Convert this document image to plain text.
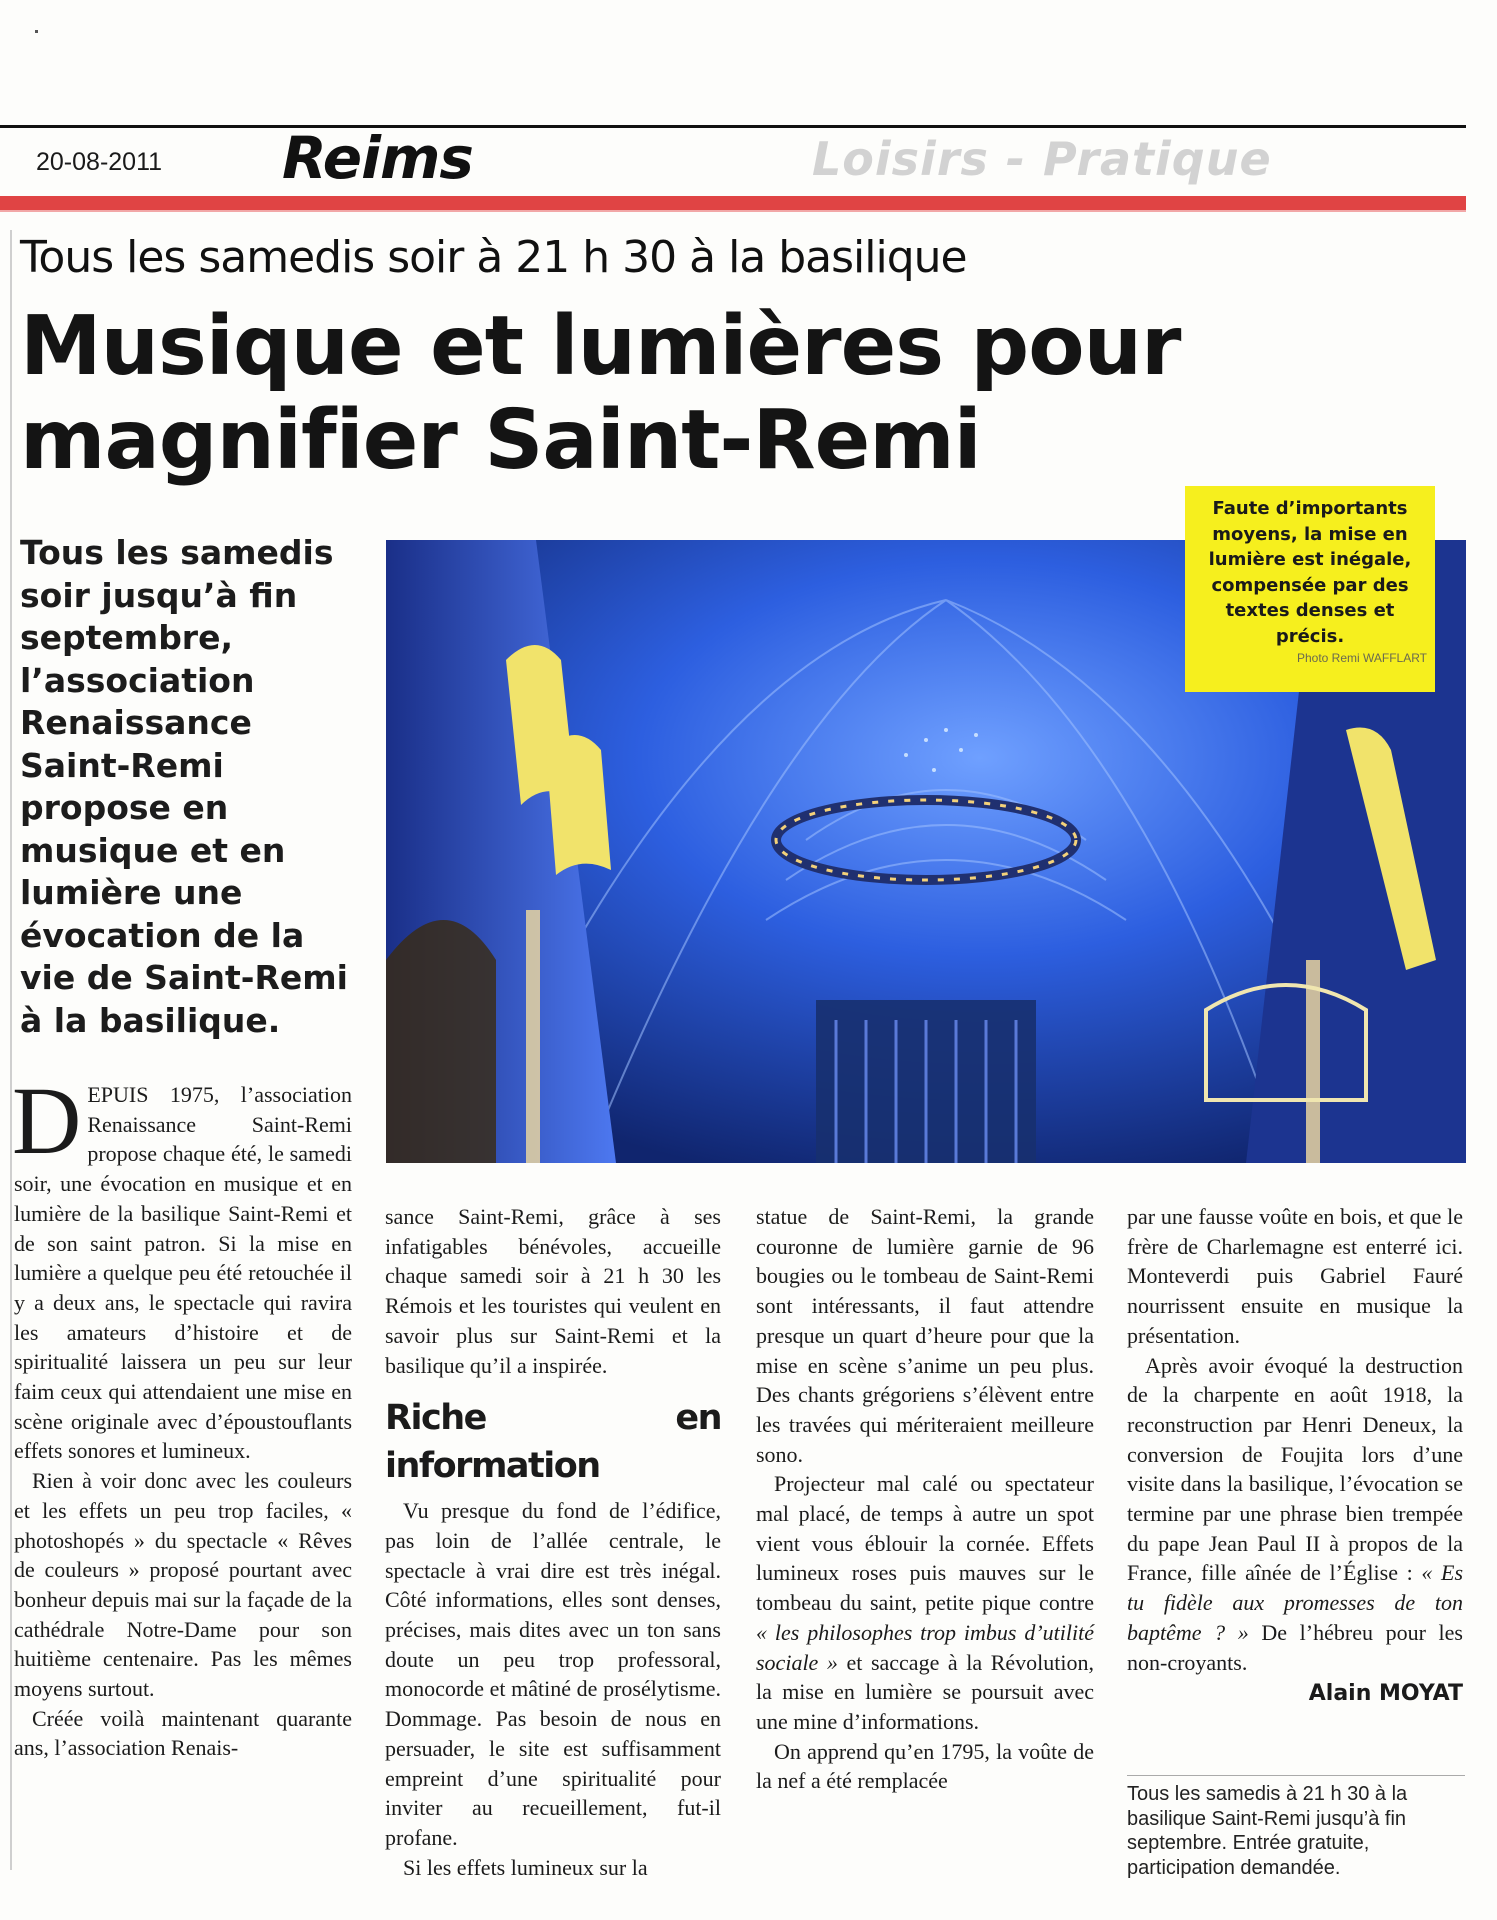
20-08-2011 Reims	Loisirs - Pratique
Tous les samedis soir à 21 h 30 à la basilique
Musique et lumières pour magnifier Saint-Remi
Tous les samedis soir jusqu’à fin septembre, l’association Renaissance Saint-Remi propose en musique et en lumière une évocation de la vie de Saint-Remi à la basilique.
Faute d’importants moyens, la mise en lumière est inégale, compensée par des textes denses et précis.
Photo Remi WAFFLART

DEPUIS 1975, l’association Renaissance Saint-Remi propose chaque été, le samedi soir, une évocation en musique et en lumière de la basilique Saint-Remi et de son saint patron. Si la mise en lumière a quelque peu été retouchée il y a deux ans, le spectacle qui ravira les amateurs d’histoire et de spiritualité laissera un peu sur leur faim ceux qui attendaient une mise en scène originale avec d’époustouflants effets sonores et lumineux.

Rien à voir donc avec les couleurs et les effets un peu trop faciles, « photoshopés » du spectacle « Rêves de couleurs » proposé pourtant avec bonheur depuis mai sur la façade de la cathédrale Notre-Dame pour son huitième centenaire. Pas les mêmes moyens surtout.

Créée voilà maintenant quarante ans, l’association Renais-

sance Saint-Remi, grâce à ses infatigables bénévoles, accueille chaque samedi soir à 21 h 30 les Rémois et les touristes qui veulent en savoir plus sur Saint-Remi et la basilique qu’il a inspirée.

Riche en information

Vu presque du fond de l’édifice, pas loin de l’allée centrale, le spectacle à vrai dire est très inégal. Côté informations, elles sont denses, précises, mais dites avec un ton sans doute un peu trop professoral, monocorde et mâtiné de prosélytisme. Dommage. Pas besoin de nous en persuader, le site est suffisamment empreint d’une spiritualité pour inviter au recueillement, fut-il profane.

Si les effets lumineux sur la

statue de Saint-Remi, la grande couronne de lumière garnie de 96 bougies ou le tombeau de Saint-Remi sont intéressants, il faut attendre presque un quart d’heure pour que la mise en scène s’anime un peu plus. Des chants grégoriens s’élèvent entre les travées qui mériteraient meilleure sono.

Projecteur mal calé ou spectateur mal placé, de temps à autre un spot vient vous éblouir la cornée. Effets lumineux roses puis mauves sur le tombeau du saint, petite pique contre « les philosophes trop imbus d’utilité sociale » et saccage à la Révolution, la mise en lumière se poursuit avec une mine d’informations.

On apprend qu’en 1795, la voûte de la nef a été remplacée

par une fausse voûte en bois, et que le frère de Charlemagne est enterré ici. Monteverdi puis Gabriel Fauré nourrissent ensuite en musique la présentation.

Après avoir évoqué la destruction de la charpente en août 1918, la reconstruction par Henri Deneux, la conversion de Foujita lors d’une visite dans la basilique, l’évocation se termine par une phrase bien trempée du pape Jean Paul II à propos de la France, fille aînée de l’Église : « Es tu fidèle aux promesses de ton baptême ? » De l’hébreu pour les non-croyants.

Alain MOYAT
Tous les samedis à 21 h 30 à la basilique Saint-Remi jusqu’à fin septembre. Entrée gratuite, participation demandée.
